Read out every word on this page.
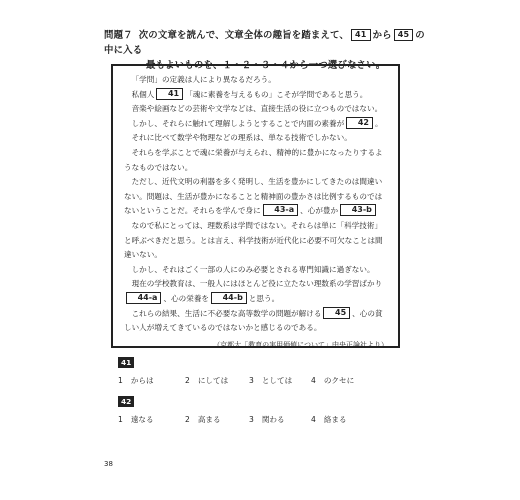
問題７ 次の文章を読んで、文章全体の趣旨を踏まえて、 41 から 45 の中に入る
最もよいものを、１・２・３・４から一つ選びなさい。

「学問」の定義は人により異なるだろう。

私個人 41 「魂に素養を与えるもの」こそが学問であると思う。

音楽や絵画などの芸術や文学などは、直接生活の役に立つものではない。

しかし、それらに触れて理解しようとすることで内面の素養が 42 。

それに比べて数学や物理などの理系は、単なる技術でしかない。

それらを学ぶことで魂に栄養が与えられ、精神的に豊かになったりするようなものではない。

ただし、近代文明の利器を多く発明し、生活を豊かにしてきたのは間違いない。問題は、生活が豊かになることと精神面の豊かさは比例するものではないということだ。それらを学んで身に 43-a 、心が豊か 43-b

なので私にとっては、理数系は学問ではない。それらは単に「科学技術」と呼ぶべきだと思う。とは言え、科学技術が近代化に必要不可欠なことは間違いない。

しかし、それはごく一部の人にのみ必要とされる専門知識に過ぎない。

現在の学校教育は、一般人にはほとんど役に立たない理数系の学習ばかり44-a 、心の栄養を 44-b と思う。

これらの結果、生活に不必要な高等数学の問題が解ける 45 、心の貧しい人が増えてきているのではないかと感じるのである。

（京都大「教育の実用価値について」中央正論社より）

41
1 からは	2 にしては	3 としては 4 のクセに
42
1 遠なる	2 高まる	3 関わる	4 絡まる
38
